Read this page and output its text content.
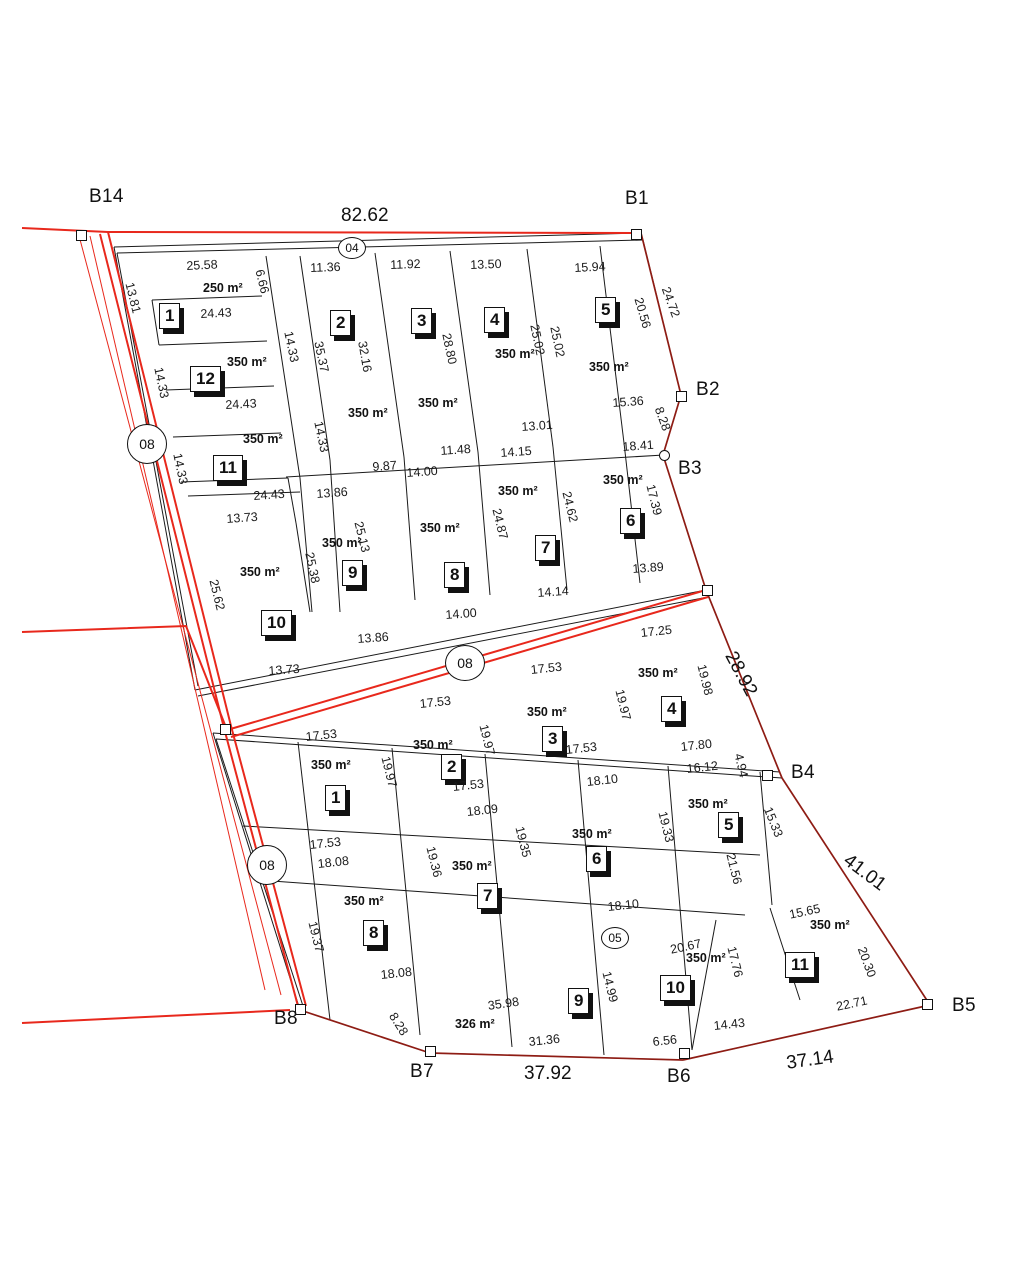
B14	B1
B2
B3
B4
B5
B6
B7
B8
82.62
28.92
41.01
37.14
37.92
04
08
08
08
05
1	2	3	4
5
12
11
6
7
8
9
10
4
3
2
1
5
6
7
8
11
10
9
250 m²
350 m²
350 m²
350 m²
350 m²
350 m²
350 m²
350 m²
350 m²
350 m²
350 m²
350 m²
350 m²
350 m²
350 m²
350 m²
350 m²
350 m²
350 m²
350 m²
350 m²
350 m²
326 m²
25.58	11.36	11.92	13.50	15.94
13.81	6.66
24.72
20.56
24.43
14.33 35.37 32.16	28.80	25.02 25.02
14.33
24.43	15.36
8.28
14.33	18.41
14.33	9.87
11.48 14.15
13.01
17.39
24.43 13.86
14.00
24.62
13.73
25.13	24.87
25.38
25.62
13.89
14.14
14.00
13.86
13.73
17.25
19.98
17.53
19.97
17.53
19.97
17.53
19.97
17.80
16.12 4.94
15.33
17.53
18.10
19.33
21.56
17.53
18.09
19.35
17.53
18.08	19.36
19.37
18.10	15.65
20.30
20.67 17.76
14.99
18.08
35.98
8.28
31.36	6.56
14.43
22.71
